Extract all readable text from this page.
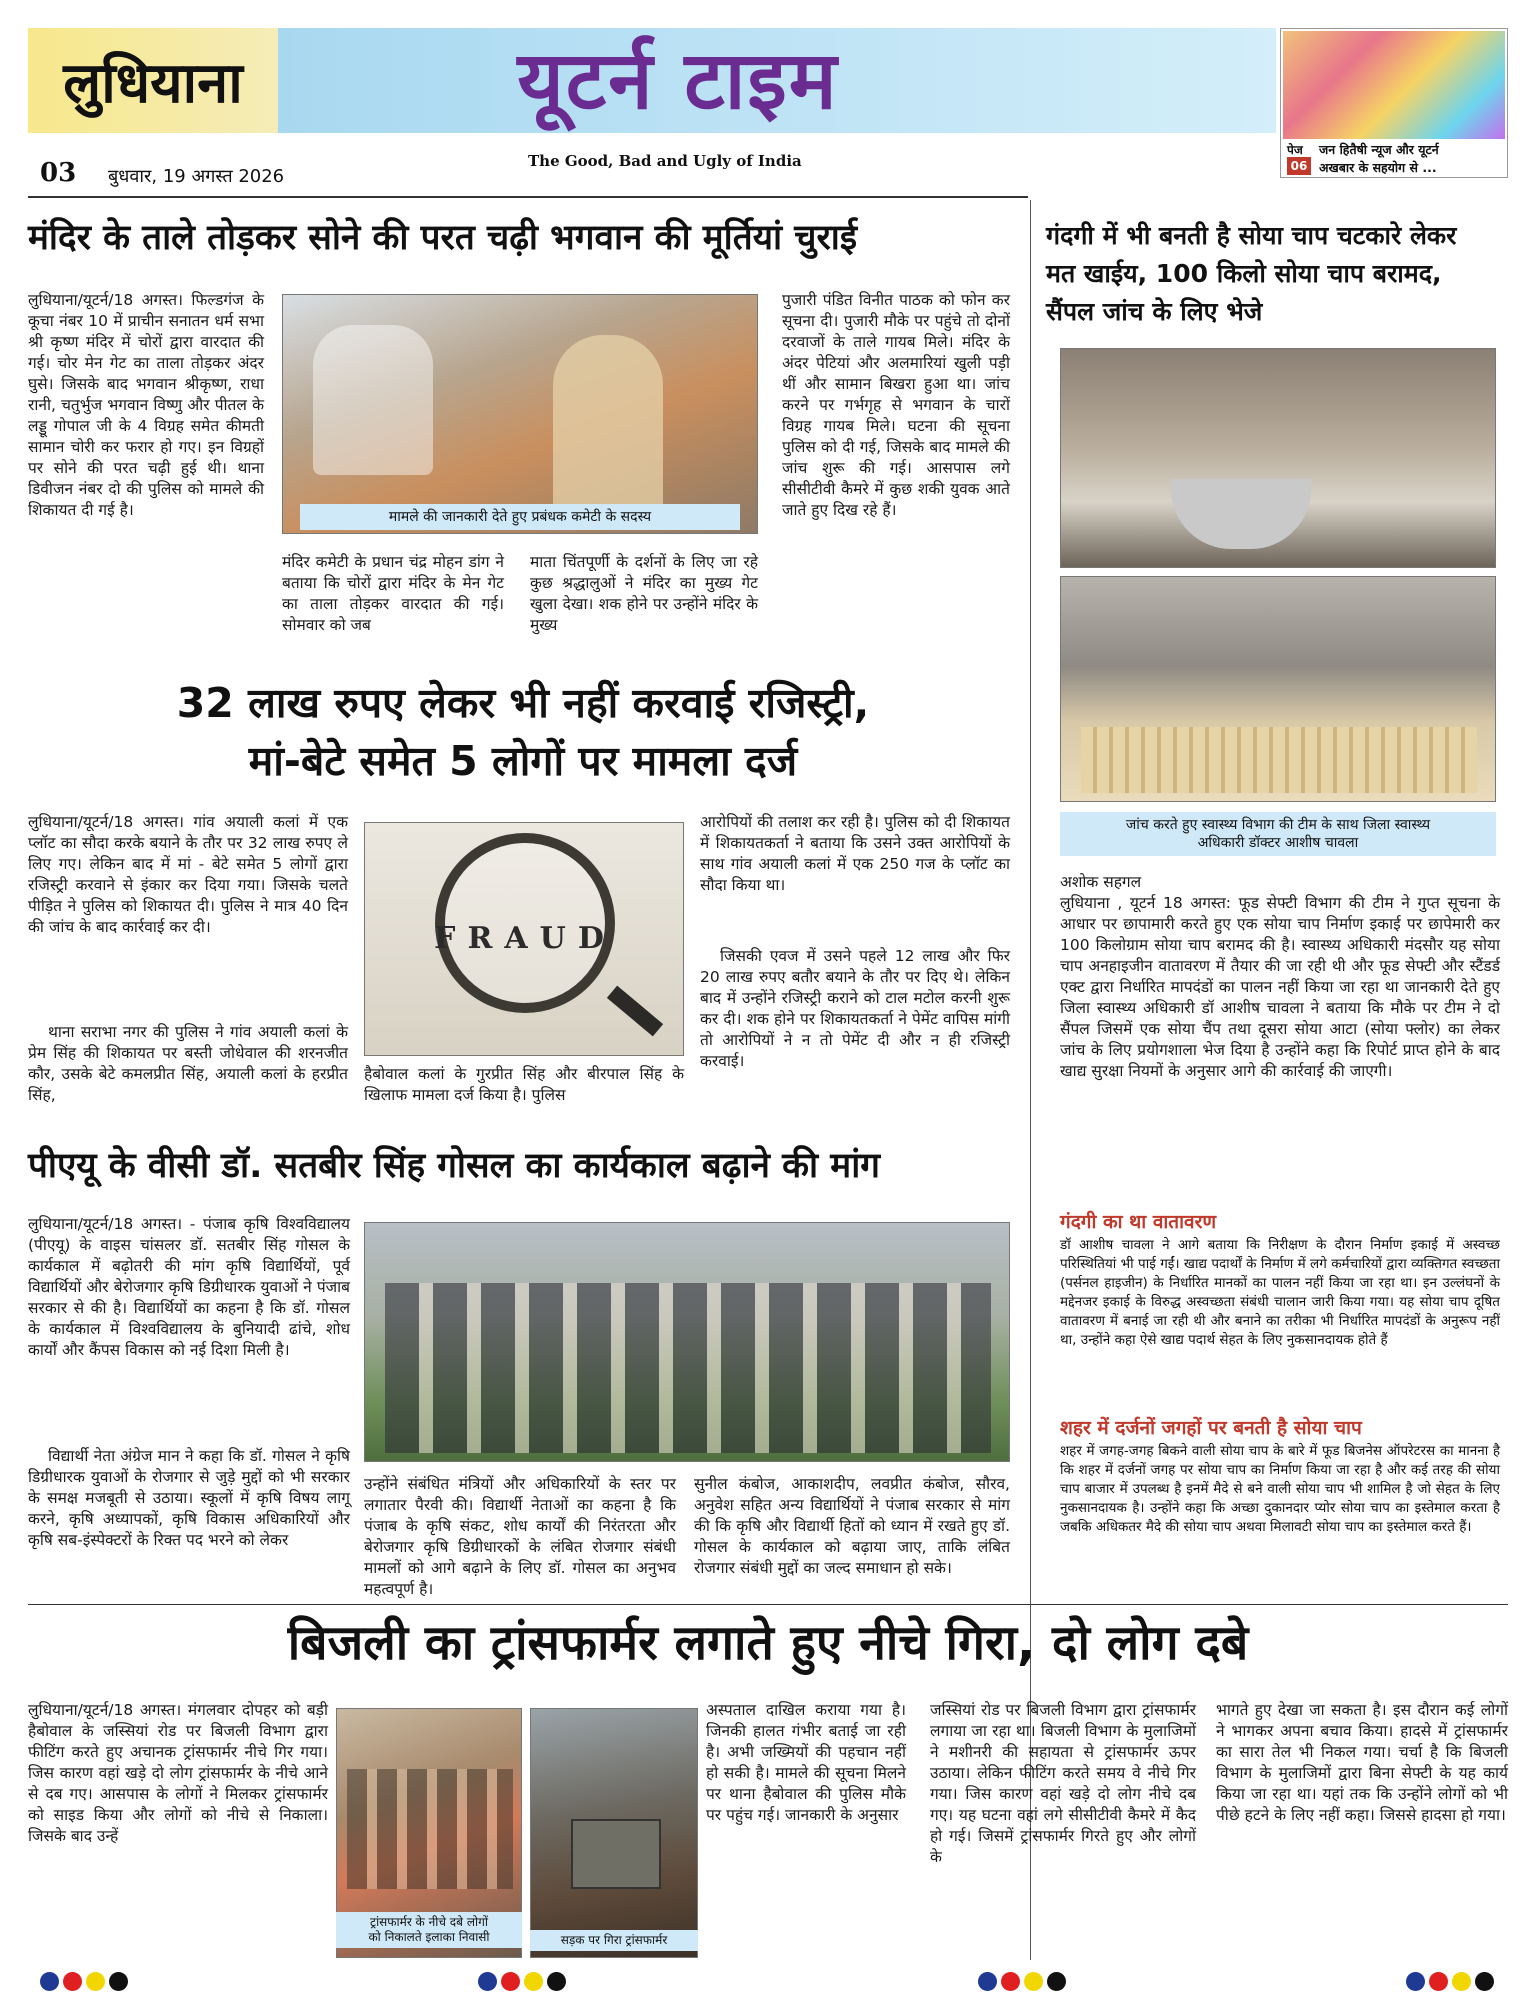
लुधियाना	यूटर्न टाइम
The Good, Bad and Ugly of India
03 बुधवार, 19 अगस्त 2026
पेज
06
जन हितैषी न्यूज और यूटर्न
अखबार के सहयोग से ...
मंदिर के ताले तोड़कर सोने की परत चढ़ी भगवान की मूर्तियां चुराई
लुधियाना/यूटर्न/18 अगस्त। फिल्डगंज के कूचा नंबर 10 में प्राचीन सनातन धर्म सभा श्री कृष्ण मंदिर में चोरों द्वारा वारदात की गई। चोर मेन गेट का ताला तोड़कर अंदर घुसे। जिसके बाद भगवान श्रीकृष्ण, राधा रानी, चतुर्भुज भगवान विष्णु और पीतल के लड्डू गोपाल जी के 4 विग्रह समेत कीमती सामान चोरी कर फरार हो गए। इन विग्रहों पर सोने की परत चढ़ी हुई थी। थाना डिवीजन नंबर दो की पुलिस को मामले की शिकायत दी गई है।	मामले की जानकारी देते हुए प्रबंधक कमेटी के सदस्य
मंदिर कमेटी के प्रधान चंद्र मोहन डांग ने बताया कि चोरों द्वारा मंदिर के मेन गेट का ताला तोड़कर वारदात की गई। सोमवार को जब
माता चिंतपूर्णी के दर्शनों के लिए जा रहे कुछ श्रद्धालुओं ने मंदिर का मुख्य गेट खुला देखा। शक होने पर उन्होंने मंदिर के मुख्य
पुजारी पंडित विनीत पाठक को फोन कर सूचना दी। पुजारी मौके पर पहुंचे तो दोनों दरवाजों के ताले गायब मिले। मंदिर के अंदर पेटियां और अलमारियां खुली पड़ी थीं और सामान बिखरा हुआ था। जांच करने पर गर्भगृह से भगवान के चारों विग्रह गायब मिले। घटना की सूचना पुलिस को दी गई, जिसके बाद मामले की जांच शुरू की गई। आसपास लगे सीसीटीवी कैमरे में कुछ शकी युवक आते जाते हुए दिख रहे हैं।
32 लाख रुपए लेकर भी नहीं करवाई रजिस्ट्री,
मां-बेटे समेत 5 लोगों पर मामला दर्ज
लुधियाना/यूटर्न/18 अगस्त। गांव अयाली कलां में एक प्लॉट का सौदा करके बयाने के तौर पर 32 लाख रुपए ले लिए गए। लेकिन बाद में मां - बेटे समेत 5 लोगों द्वारा रजिस्ट्री करवाने से इंकार कर दिया गया। जिसके चलते पीड़ित ने पुलिस को शिकायत दी। पुलिस ने मात्र 40 दिन की जांच के बाद कार्रवाई कर दी।
थाना सराभा नगर की पुलिस ने गांव अयाली कलां के प्रेम सिंह की शिकायत पर बस्ती जोधेवाल की शरनजीत कौर, उसके बेटे कमलप्रीत सिंह, अयाली कलां के हरप्रीत सिंह,
FRAUD
हैबोवाल कलां के गुरप्रीत सिंह और बीरपाल सिंह के खिलाफ मामला दर्ज किया है। पुलिस
आरोपियों की तलाश कर रही है। पुलिस को दी शिकायत में शिकायतकर्ता ने बताया कि उसने उक्त आरोपियों के साथ गांव अयाली कलां में एक 250 गज के प्लॉट का सौदा किया था।
जिसकी एवज में उसने पहले 12 लाख और फिर 20 लाख रुपए बतौर बयाने के तौर पर दिए थे। लेकिन बाद में उन्होंने रजिस्ट्री कराने को टाल मटोल करनी शुरू कर दी। शक होने पर शिकायतकर्ता ने पेमेंट वापिस मांगी तो आरोपियों ने न तो पेमेंट दी और न ही रजिस्ट्री करवाई।
पीएयू के वीसी डॉ. सतबीर सिंह गोसल का कार्यकाल बढ़ाने की मांग
लुधियाना/यूटर्न/18 अगस्त। - पंजाब कृषि विश्वविद्यालय (पीएयू) के वाइस चांसलर डॉ. सतबीर सिंह गोसल के कार्यकाल में बढ़ोतरी की मांग कृषि विद्यार्थियों, पूर्व विद्यार्थियों और बेरोजगार कृषि डिग्रीधारक युवाओं ने पंजाब सरकार से की है। विद्यार्थियों का कहना है कि डॉ. गोसल के कार्यकाल में विश्वविद्यालय के बुनियादी ढांचे, शोध कार्यों और कैंपस विकास को नई दिशा मिली है।
विद्यार्थी नेता अंग्रेज मान ने कहा कि डॉ. गोसल ने कृषि डिग्रीधारक युवाओं के रोजगार से जुड़े मुद्दों को भी सरकार के समक्ष मजबूती से उठाया। स्कूलों में कृषि विषय लागू करने, कृषि अध्यापकों, कृषि विकास अधिकारियों और कृषि सब-इंस्पेक्टरों के रिक्त पद भरने को लेकर
उन्होंने संबंधित मंत्रियों और अधिकारियों के स्तर पर लगातार पैरवी की। विद्यार्थी नेताओं का कहना है कि पंजाब के कृषि संकट, शोध कार्यों की निरंतरता और बेरोजगार कृषि डिग्रीधारकों के लंबित रोजगार संबंधी मामलों को आगे बढ़ाने के लिए डॉ. गोसल का अनुभव महत्वपूर्ण है।
सुनील कंबोज, आकाशदीप, लवप्रीत कंबोज, सौरव, अनुवेश सहित अन्य विद्यार्थियों ने पंजाब सरकार से मांग की कि कृषि और विद्यार्थी हितों को ध्यान में रखते हुए डॉ. गोसल के कार्यकाल को बढ़ाया जाए, ताकि लंबित रोजगार संबंधी मुद्दों का जल्द समाधान हो सके।
गंदगी में भी बनती है सोया चाप चटकारे लेकर
मत खाईय, 100 किलो सोया चाप बरामद,
सैंपल जांच के लिए भेजे
जांच करते हुए स्वास्थ्य विभाग की टीम के साथ जिला स्वास्थ्य
अधिकारी डॉक्टर आशीष चावला
अशोक सहगल
लुधियाना , यूटर्न 18 अगस्त: फूड सेफ्टी विभाग की टीम ने गुप्त सूचना के आधार पर छापामारी करते हुए एक सोया चाप निर्माण इकाई पर छापेमारी कर 100 किलोग्राम सोया चाप बरामद की है। स्वास्थ्य अधिकारी मंदसौर यह सोया चाप अनहाइजीन वातावरण में तैयार की जा रही थी और फूड सेफ्टी और स्टैंडर्ड एक्ट द्वारा निर्धारित मापदंडों का पालन नहीं किया जा रहा था जानकारी देते हुए जिला स्वास्थ्य अधिकारी डॉ आशीष चावला ने बताया कि मौके पर टीम ने दो सैंपल जिसमें एक सोया चैंप तथा दूसरा सोया आटा (सोया फ्लोर) का लेकर जांच के लिए प्रयोगशाला भेज दिया है उन्होंने कहा कि रिपोर्ट प्राप्त होने के बाद खाद्य सुरक्षा नियमों के अनुसार आगे की कार्रवाई की जाएगी।
गंदगी का था वातावरण
डॉ आशीष चावला ने आगे बताया कि निरीक्षण के दौरान निर्माण इकाई में अस्वच्छ परिस्थितियां भी पाई गईं। खाद्य पदार्थों के निर्माण में लगे कर्मचारियों द्वारा व्यक्तिगत स्वच्छता (पर्सनल हाइजीन) के निर्धारित मानकों का पालन नहीं किया जा रहा था। इन उल्लंघनों के मद्देनजर इकाई के विरुद्ध अस्वच्छता संबंधी चालान जारी किया गया। यह सोया चाप दूषित वातावरण में बनाई जा रही थी और बनाने का तरीका भी निर्धारित मापदंडों के अनुरूप नहीं था, उन्होंने कहा ऐसे खाद्य पदार्थ सेहत के लिए नुकसानदायक होते हैं
शहर में दर्जनों जगहों पर बनती है सोया चाप
शहर में जगह-जगह बिकने वाली सोया चाप के बारे में फूड बिजनेस ऑपरेटरस का मानना है कि शहर में दर्जनों जगह पर सोया चाप का निर्माण किया जा रहा है और कई तरह की सोया चाप बाजार में उपलब्ध है इनमें मैदे से बने वाली सोया चाप भी शामिल है जो सेहत के लिए नुकसानदायक है। उन्होंने कहा कि अच्छा दुकानदार प्योर सोया चाप का इस्तेमाल करता है जबकि अधिकतर मैदे की सोया चाप अथवा मिलावटी सोया चाप का इस्तेमाल करते हैं।
बिजली का ट्रांसफार्मर लगाते हुए नीचे गिरा, दो लोग दबे
लुधियाना/यूटर्न/18 अगस्त। मंगलवार दोपहर को बड़ी हैबोवाल के जस्सियां रोड पर बिजली विभाग द्वारा फीटिंग करते हुए अचानक ट्रांसफार्मर नीचे गिर गया। जिस कारण वहां खड़े दो लोग ट्रांसफार्मर के नीचे आने से दब गए। आसपास के लोगों ने मिलकर ट्रांसफार्मर को साइड किया और लोगों को नीचे से निकाला। जिसके बाद उन्हें
ट्रांसफार्मर के नीचे दबे लोगों
को निकालते इलाका निवासी	सड़क पर गिरा ट्रांसफार्मर
अस्पताल दाखिल कराया गया है। जिनकी हालत गंभीर बताई जा रही है। अभी जख्मियों की पहचान नहीं हो सकी है। मामले की सूचना मिलने पर थाना हैबोवाल की पुलिस मौके पर पहुंच गई। जानकारी के अनुसार
जस्सियां रोड पर बिजली विभाग द्वारा ट्रांसफार्मर लगाया जा रहा था। बिजली विभाग के मुलाजिमों ने मशीनरी की सहायता से ट्रांसफार्मर ऊपर उठाया। लेकिन फीटिंग करते समय वे नीचे गिर गया। जिस कारण वहां खड़े दो लोग नीचे दब गए। यह घटना वहां लगे सीसीटीवी कैमरे में कैद हो गई। जिसमें ट्रांसफार्मर गिरते हुए और लोगों के
भागते हुए देखा जा सकता है। इस दौरान कई लोगों ने भागकर अपना बचाव किया। हादसे में ट्रांसफार्मर का सारा तेल भी निकल गया। चर्चा है कि बिजली विभाग के मुलाजिमों द्वारा बिना सेफ्टी के यह कार्य किया जा रहा था। यहां तक कि उन्होंने लोगों को भी पीछे हटने के लिए नहीं कहा। जिससे हादसा हो गया।
